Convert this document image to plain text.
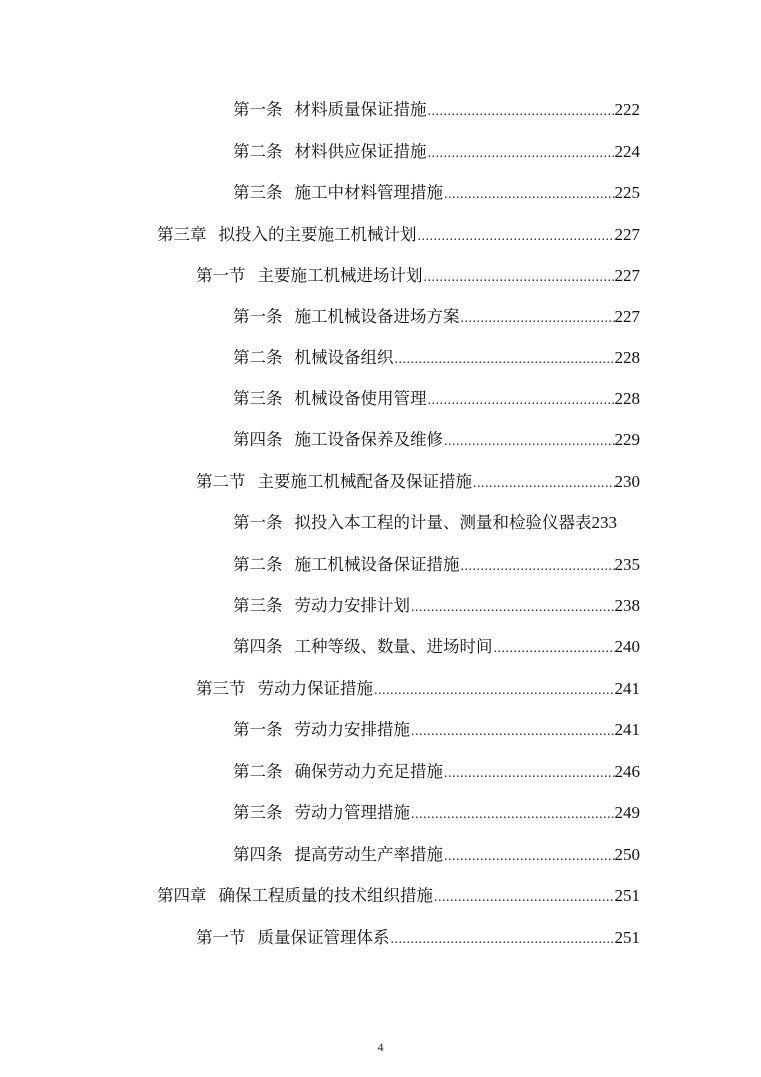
第一条 材料质量保证措施 .....	222
第二条 材料供应保证措施 .....	224
第三条 施工中材料管理措施 .....	225
第三章 拟投入的主要施工机械计划 .....	227
第一节 主要施工机械进场计划 .....	227
第一条 施工机械设备进场方案 .....	227
第二条 机械设备组织 .....	228
第三条 机械设备使用管理 .....	228
第四条 施工设备保养及维修 .....	229
第二节 主要施工机械配备及保证措施 .....	230
第一条 拟投入本工程的计量、测量和检验仪器表 233
第二条 施工机械设备保证措施 .....	235
第三条 劳动力安排计划 .....	238
第四条 工种等级、数量、进场时间 .....	240
第三节 劳动力保证措施 .....	241
第一条 劳动力安排措施 .....	241
第二条 确保劳动力充足措施 .....	246
第三条 劳动力管理措施 .....	249
第四条 提高劳动生产率措施 .....	250
第四章 确保工程质量的技术组织措施 .....	251
第一节 质量保证管理体系 .....	251
4
